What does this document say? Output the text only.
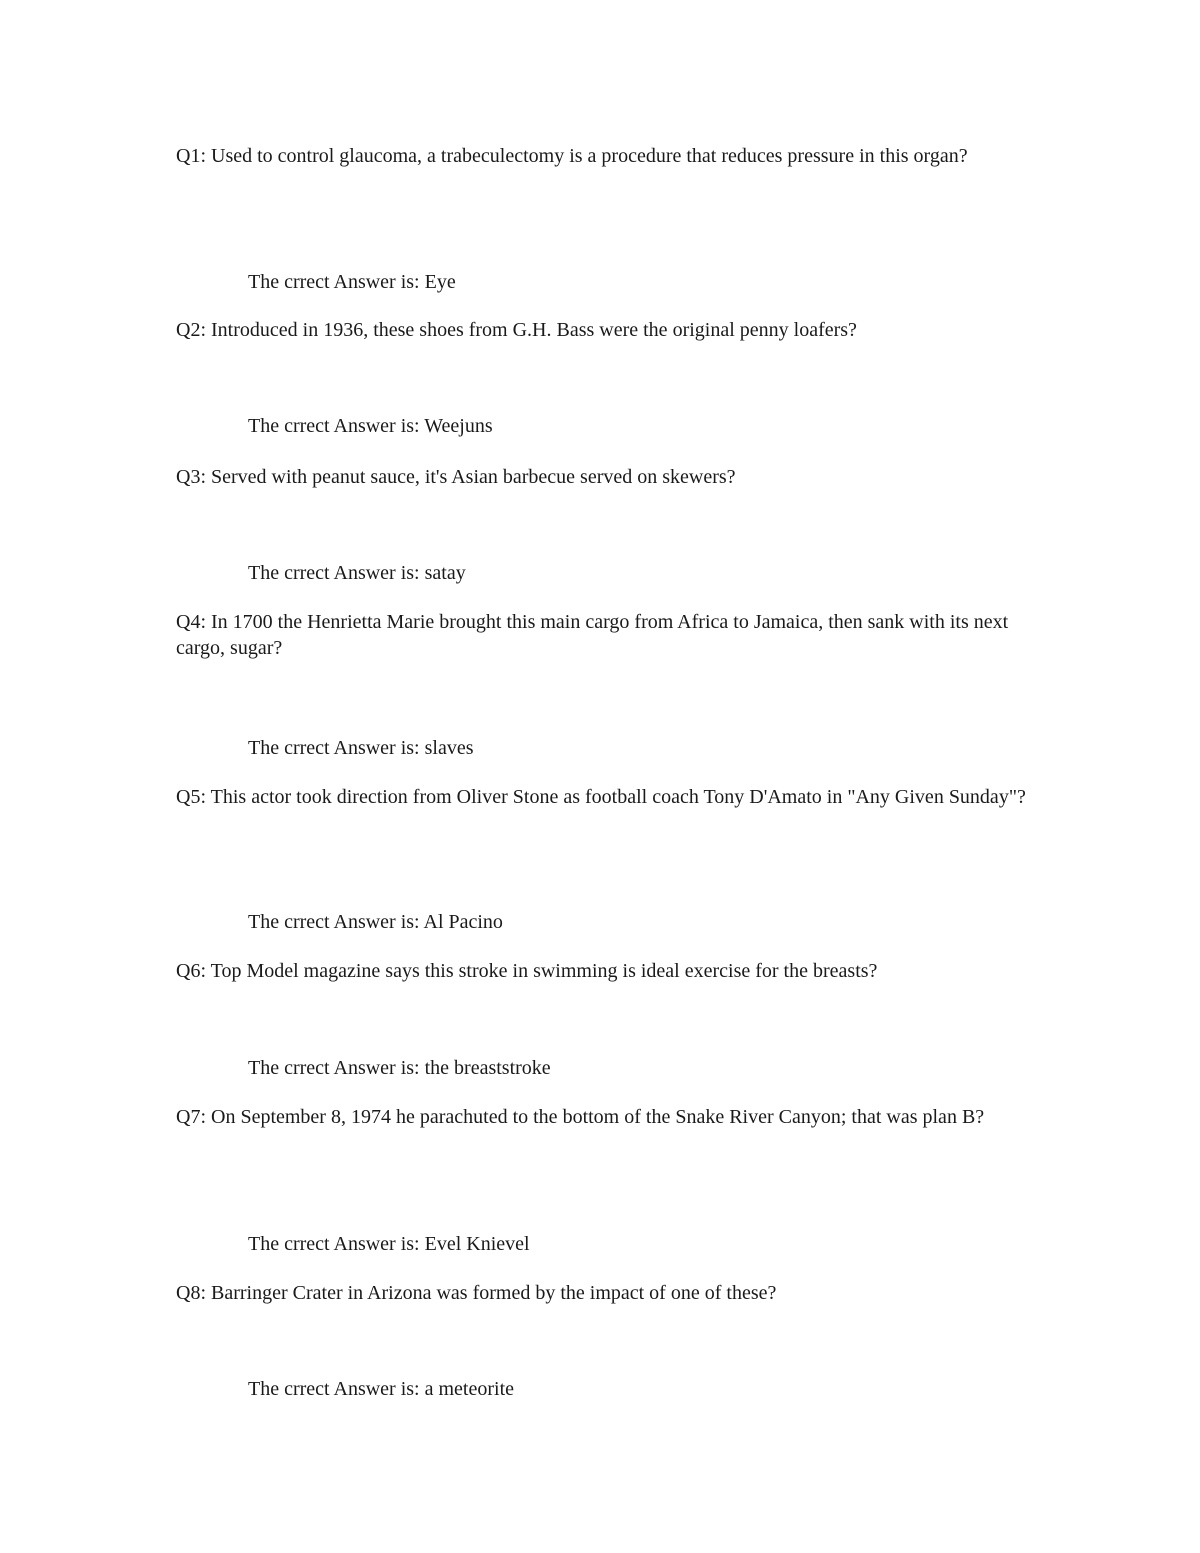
Q1: Used to control glaucoma, a trabeculectomy is a procedure that reduces pressure in this organ?

The crrect Answer is: Eye

Q2: Introduced in 1936, these shoes from G.H. Bass were the original penny loafers?

The crrect Answer is: Weejuns

Q3: Served with peanut sauce, it's Asian barbecue served on skewers?

The crrect Answer is: satay

Q4: In 1700 the Henrietta Marie brought this main cargo from Africa to Jamaica, then sank with its next cargo, sugar?

The crrect Answer is: slaves

Q5: This actor took direction from Oliver Stone as football coach Tony D'Amato in "Any Given Sunday"?

The crrect Answer is: Al Pacino

Q6: Top Model magazine says this stroke in swimming is ideal exercise for the breasts?

The crrect Answer is: the breaststroke

Q7: On September 8, 1974 he parachuted to the bottom of the Snake River Canyon; that was plan B?

The crrect Answer is: Evel Knievel

Q8: Barringer Crater in Arizona was formed by the impact of one of these?

The crrect Answer is: a meteorite
